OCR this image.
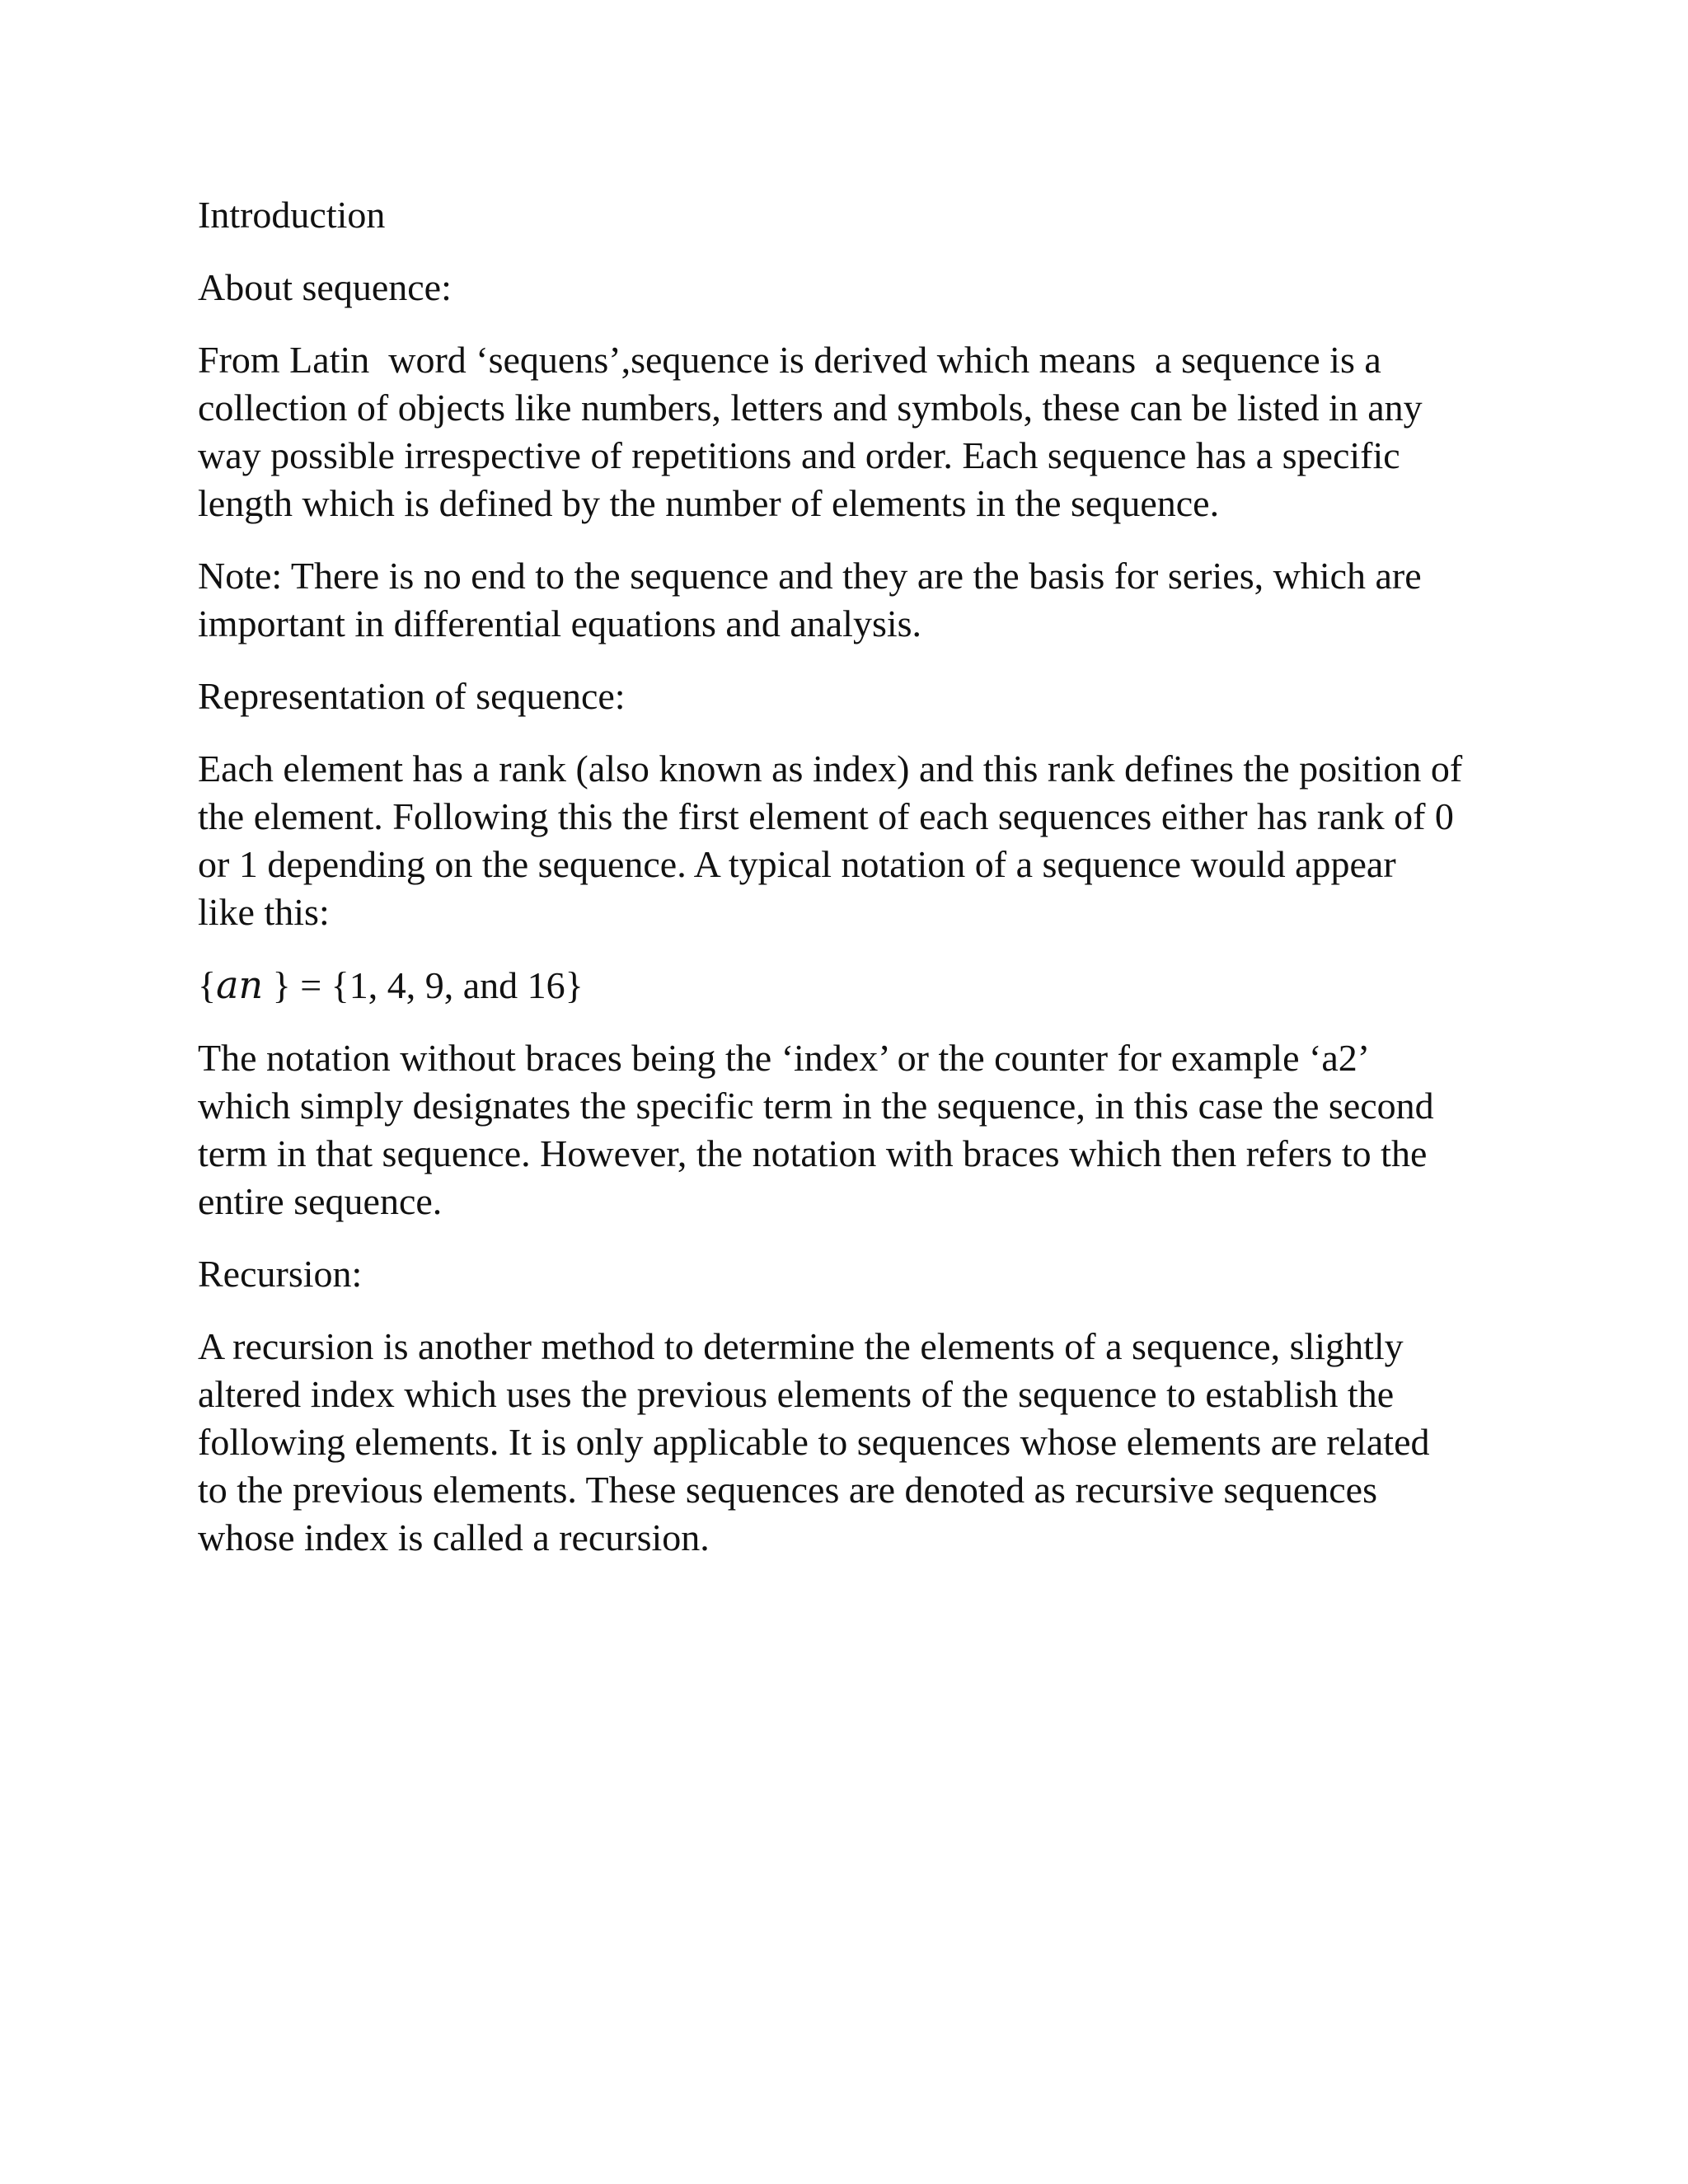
Introduction

About sequence:

From Latin  word ‘sequens’,sequence is derived which means  a sequence is a
collection of objects like numbers, letters and symbols, these can be listed in any
way possible irrespective of repetitions and order. Each sequence has a specific
length which is defined by the number of elements in the sequence.

Note: There is no end to the sequence and they are the basis for series, which are
important in differential equations and analysis.

Representation of sequence:

Each element has a rank (also known as index) and this rank defines the position of
the element. Following this the first element of each sequences either has rank of 0
or 1 depending on the sequence. A typical notation of a sequence would appear
like this:

{an } = {1, 4, 9, and 16}

The notation without braces being the ‘index’ or the counter for example ‘a2’
which simply designates the specific term in the sequence, in this case the second
term in that sequence. However, the notation with braces which then refers to the
entire sequence.

Recursion:

A recursion is another method to determine the elements of a sequence, slightly
altered index which uses the previous elements of the sequence to establish the
following elements. It is only applicable to sequences whose elements are related
to the previous elements. These sequences are denoted as recursive sequences
whose index is called a recursion.
